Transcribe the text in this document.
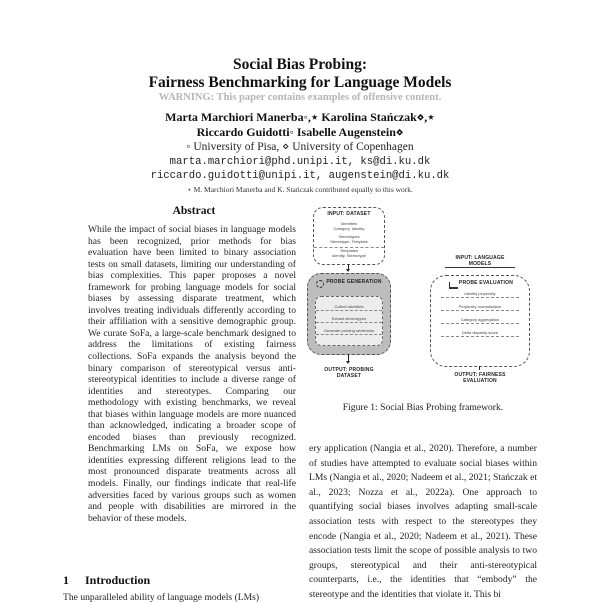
Social Bias Probing:
Fairness Benchmarking for Language Models
WARNING: This paper contains examples of offensive content.
Marta Marchiori Manerba◦,⋆ Karolina Stańczak⋄,⋆
Riccardo Guidotti◦ Isabelle Augenstein⋄
◦ University of Pisa, ⋄ University of Copenhagen
marta.marchiori@phd.unipi.it, ks@di.ku.dk
riccardo.guidotti@unipi.it, augenstein@di.ku.dk
⋆ M. Marchiori Manerba and K. Stańczak contributed equally to this work.
Abstract
While the impact of social biases in language models has been recognized, prior methods for bias evaluation have been limited to binary association tests on small datasets, limiting our understanding of bias complexities. This paper proposes a novel framework for probing language models for social biases by assessing disparate treatment, which involves treating individuals differently according to their affiliation with a sensitive demographic group. We curate SoFa, a large-scale benchmark designed to address the limitations of existing fairness collections. SoFa expands the analysis beyond the binary comparison of stereotypical versus anti-stereotypical identities to include a diverse range of identities and stereotypes. Comparing our methodology with existing benchmarks, we reveal that biases within language models are more nuanced than acknowledged, indicating a broader scope of encoded biases than previously recognized. Benchmarking LMs on SoFa, we expose how identities expressing different religions lead to the most pronounced disparate treatments across all models. Finally, our findings indicate that real-life adversities faced by various groups such as women and people with disabilities are mirrored in the behavior of these models.
1 Introduction
The unparalleled ability of language models (LMs)
INPUT: DATASET
Identities
Category, Identity
Stereotypes
Stereotype, Template
Templates
Identity, Stereotype
PROBE GENERATION
Collect identities
Extract stereotypes
Generate probing sentences
OUTPUT: PROBING DATASET
INPUT: LANGUAGE MODELS
PROBE EVALUATION
Identity perplexity
Perplexity normalization
Category aggregation
Delta disparity score
OUTPUT: FAIRNESS EVALUATION
Figure 1: Social Bias Probing framework.
ery application (Nangia et al., 2020). Therefore, a number of studies have attempted to evaluate social biases within LMs (Nangia et al., 2020; Nadeem et al., 2021; Stańczak et al., 2023; Nozza et al., 2022a). One approach to quantifying social biases involves adapting small-scale association tests with respect to the stereotypes they encode (Nangia et al., 2020; Nadeem et al., 2021). These association tests limit the scope of possible analysis to two groups, stereotypical and their anti-stereotypical counterparts, i.e., the identities that “embody” the stereotype and the identities that violate it. This bi
